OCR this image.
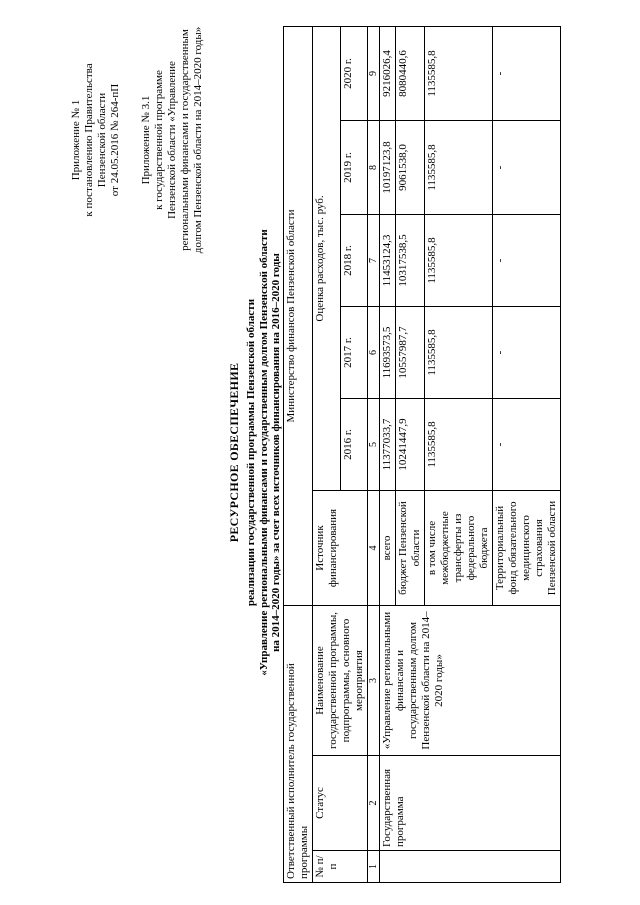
Приложение № 1 к постановлению Правительства Пензенской области от 24.05.2016 № 264-пП Приложение № 3.1 к государственной программе Пензенской области «Управление региональными финансами и государственным долгом Пензенской области на 2014–2020 годы»
РЕСУРСНОЕ ОБЕСПЕЧЕНИЕ реализации государственной программы Пензенской области «Управление региональными финансами и государственным долгом Пензенской области на 2014–2020 годы» за счет всех источников финансирования на 2016–2020 годы
Ответственный исполнитель государственной программы			Министерство финансов Пензенской области					
№ п/п	Статус	Наименование государственной программы, подпрограммы, основного мероприятия	Источник финансирования	Оценка расходов, тыс. руб.				
				2016 г.	2017 г.	2018 г.	2019 г.	2020 г.
1	2	3	4	5	6	7	8	9
	Государственная программа	«Управление региональными финансами и государственным долгом Пензенской области на 2014–2020 годы»	всего	11377033,7	11693573,5	11453124,3	10197123,8	9216026,4
			бюджет Пензенской области	10241447,9	10557987,7	10317538,5	9061538,0	8080440,6
			в том числе межбюджетные трансферты из федерального бюджета	1135585,8	1135585,8	1135585,8	1135585,8	1135585,8
			Территориальный фонд обязательного медицинского страхования Пензенской области	-	-	-	-	-
